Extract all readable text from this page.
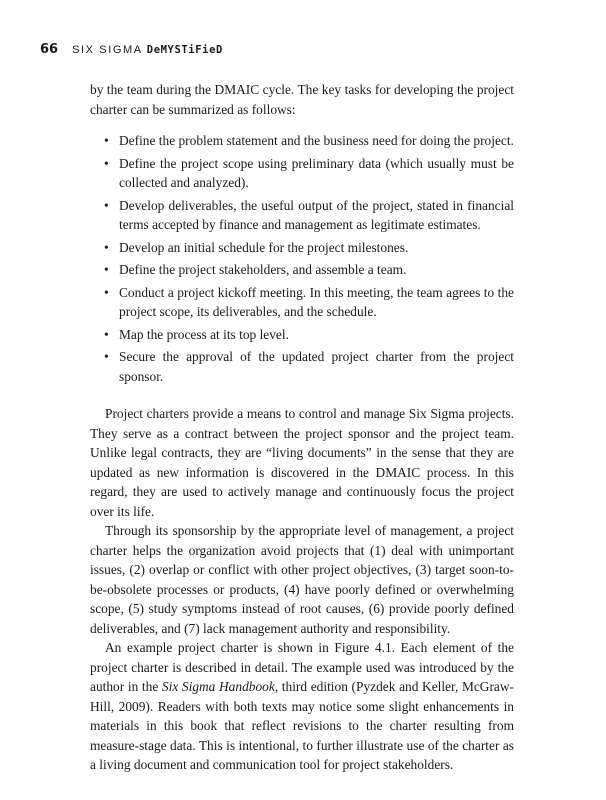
66 SIX SIGMA DeMYSTiFieD

by the team during the DMAIC cycle. The key tasks for developing the project charter can be summarized as follows:

• Define the problem statement and the business need for doing the project.
• Define the project scope using preliminary data (which usually must be collected and analyzed).
• Develop deliverables, the useful output of the project, stated in financial terms accepted by finance and management as legitimate estimates.
• Develop an initial schedule for the project milestones.
• Define the project stakeholders, and assemble a team.
• Conduct a project kickoff meeting. In this meeting, the team agrees to the project scope, its deliverables, and the schedule.
• Map the process at its top level.
• Secure the approval of the updated project charter from the project sponsor.

Project charters provide a means to control and manage Six Sigma projects. They serve as a contract between the project sponsor and the project team. Unlike legal contracts, they are “living documents” in the sense that they are updated as new information is discovered in the DMAIC process. In this regard, they are used to actively manage and continuously focus the project over its life.

Through its sponsorship by the appropriate level of management, a project charter helps the organization avoid projects that (1) deal with unimportant issues, (2) overlap or conflict with other project objectives, (3) target soon-to-be-obsolete processes or products, (4) have poorly defined or overwhelming scope, (5) study symptoms instead of root causes, (6) provide poorly defined deliverables, and (7) lack management authority and responsibility.

An example project charter is shown in Figure 4.1. Each element of the project charter is described in detail. The example used was introduced by the author in the Six Sigma Handbook, third edition (Pyzdek and Keller, McGraw-Hill, 2009). Readers with both texts may notice some slight enhancements in materials in this book that reflect revisions to the charter resulting from measure-stage data. This is intentional, to further illustrate use of the charter as a living document and communication tool for project stakeholders.
